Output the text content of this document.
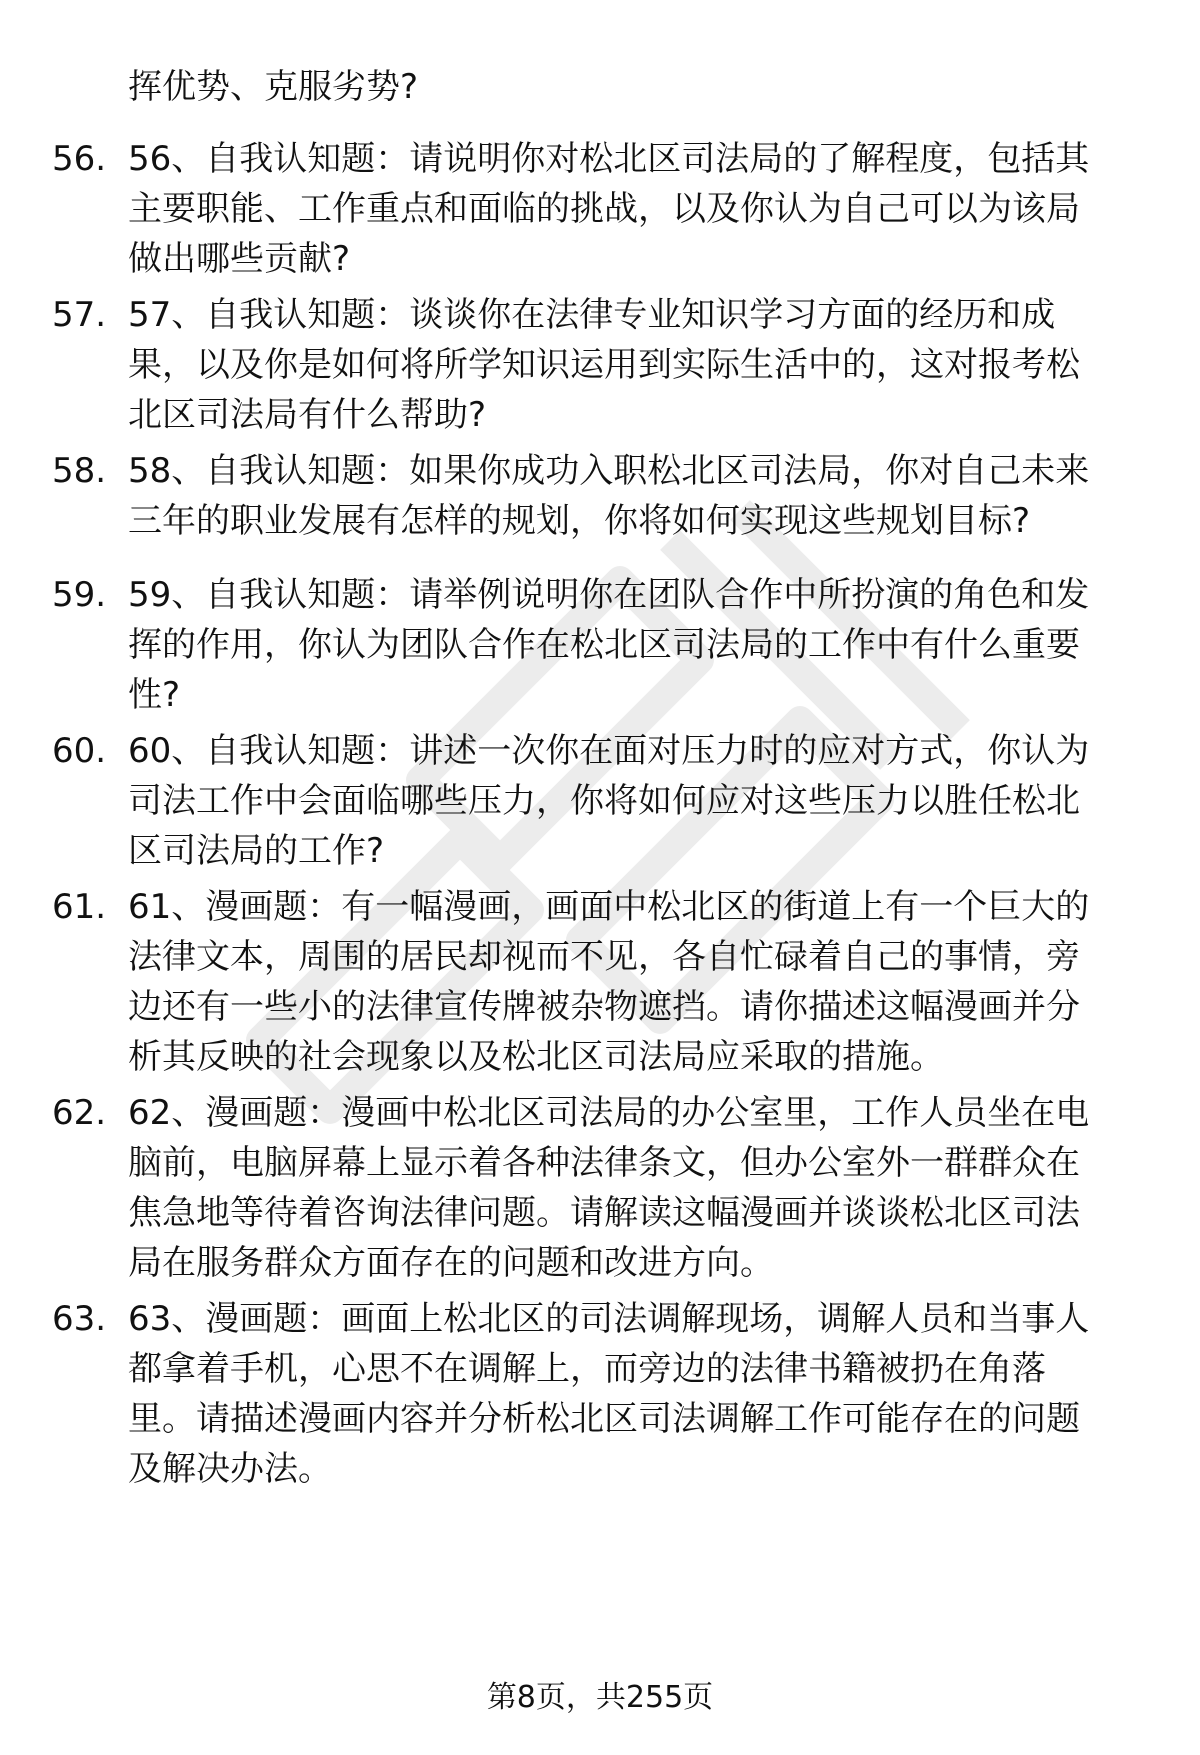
挥优势、克服劣势?
56. 56、自我认知题：请说明你对松北区司法局的了解程度，包括其
主要职能、工作重点和面临的挑战，以及你认为自己可以为该局
做出哪些贡献?
57. 57、自我认知题：谈谈你在法律专业知识学习方面的经历和成
果，以及你是如何将所学知识运用到实际生活中的，这对报考松
北区司法局有什么帮助?
58. 58、自我认知题：如果你成功入职松北区司法局，你对自己未来
三年的职业发展有怎样的规划，你将如何实现这些规划目标?
59. 59、自我认知题：请举例说明你在团队合作中所扮演的角色和发
挥的作用，你认为团队合作在松北区司法局的工作中有什么重要
性?
60. 60、自我认知题：讲述一次你在面对压力时的应对方式，你认为
司法工作中会面临哪些压力，你将如何应对这些压力以胜任松北
区司法局的工作?
61. 61、漫画题：有一幅漫画，画面中松北区的街道上有一个巨大的
法律文本，周围的居民却视而不见，各自忙碌着自己的事情，旁
边还有一些小的法律宣传牌被杂物遮挡。请你描述这幅漫画并分
析其反映的社会现象以及松北区司法局应采取的措施。
62. 62、漫画题：漫画中松北区司法局的办公室里，工作人员坐在电
脑前，电脑屏幕上显示着各种法律条文，但办公室外一群群众在
焦急地等待着咨询法律问题。请解读这幅漫画并谈谈松北区司法
局在服务群众方面存在的问题和改进方向。
63. 63、漫画题：画面上松北区的司法调解现场，调解人员和当事人
都拿着手机，心思不在调解上，而旁边的法律书籍被扔在角落
里。请描述漫画内容并分析松北区司法调解工作可能存在的问题
及解决办法。
第8页，共255页
